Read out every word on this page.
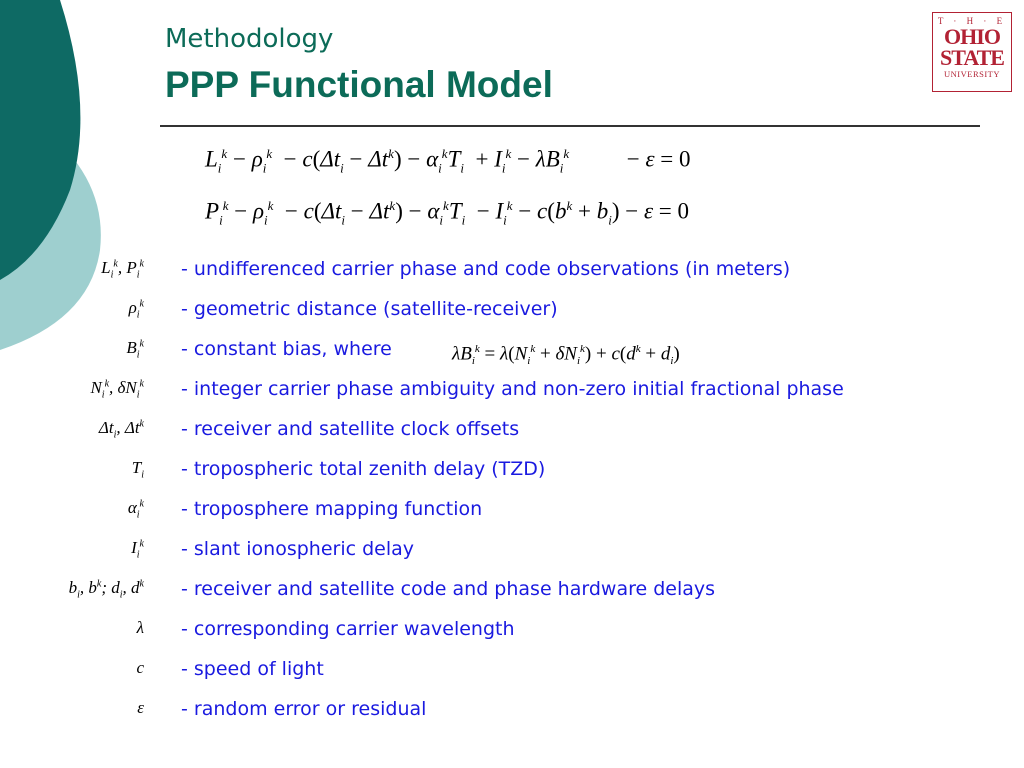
Methodology
PPP Functional Model
T · H · E
OHIO
STATE
UNIVERSITY
$L_i^k - \rho_i^k - c(\Delta t_i - \Delta t^k) - \alpha_i^kT_i + I_i^k - \lambda B_i^k$          − ε = 0
$P_i^k - \rho_i^k - c(\Delta t_i - \Delta t^k) - \alpha_i^kT_i - I_i^k - c(b^k + b_i) - \varepsilon = 0$
$L_i^k$, $P_i^k$ - undifferenced carrier phase and code observations (in meters)
$\rho_i^k$ - geometric distance (satellite-receiver)
$B_i^k$ - constant bias, where
$N_i^k$, $\delta N_i^k$ - integer carrier phase ambiguity and non-zero initial fractional phase
$\Delta t_i$, $\Delta t^k$ - receiver and satellite clock offsets
$T_i$ - tropospheric total zenith delay (TZD)
$\alpha_i^k$ - troposphere mapping function
$I_i^k$ - slant ionospheric delay
$b_i$, $b^k$; $d_i$, $d^k$ - receiver and satellite code and phase hardware delays
λ - corresponding carrier wavelength
c - speed of light
ε - random error or residual
$\lambda B_i^k = \lambda(N_i^k + \delta N_i^k) + c(d^k + d_i)$
